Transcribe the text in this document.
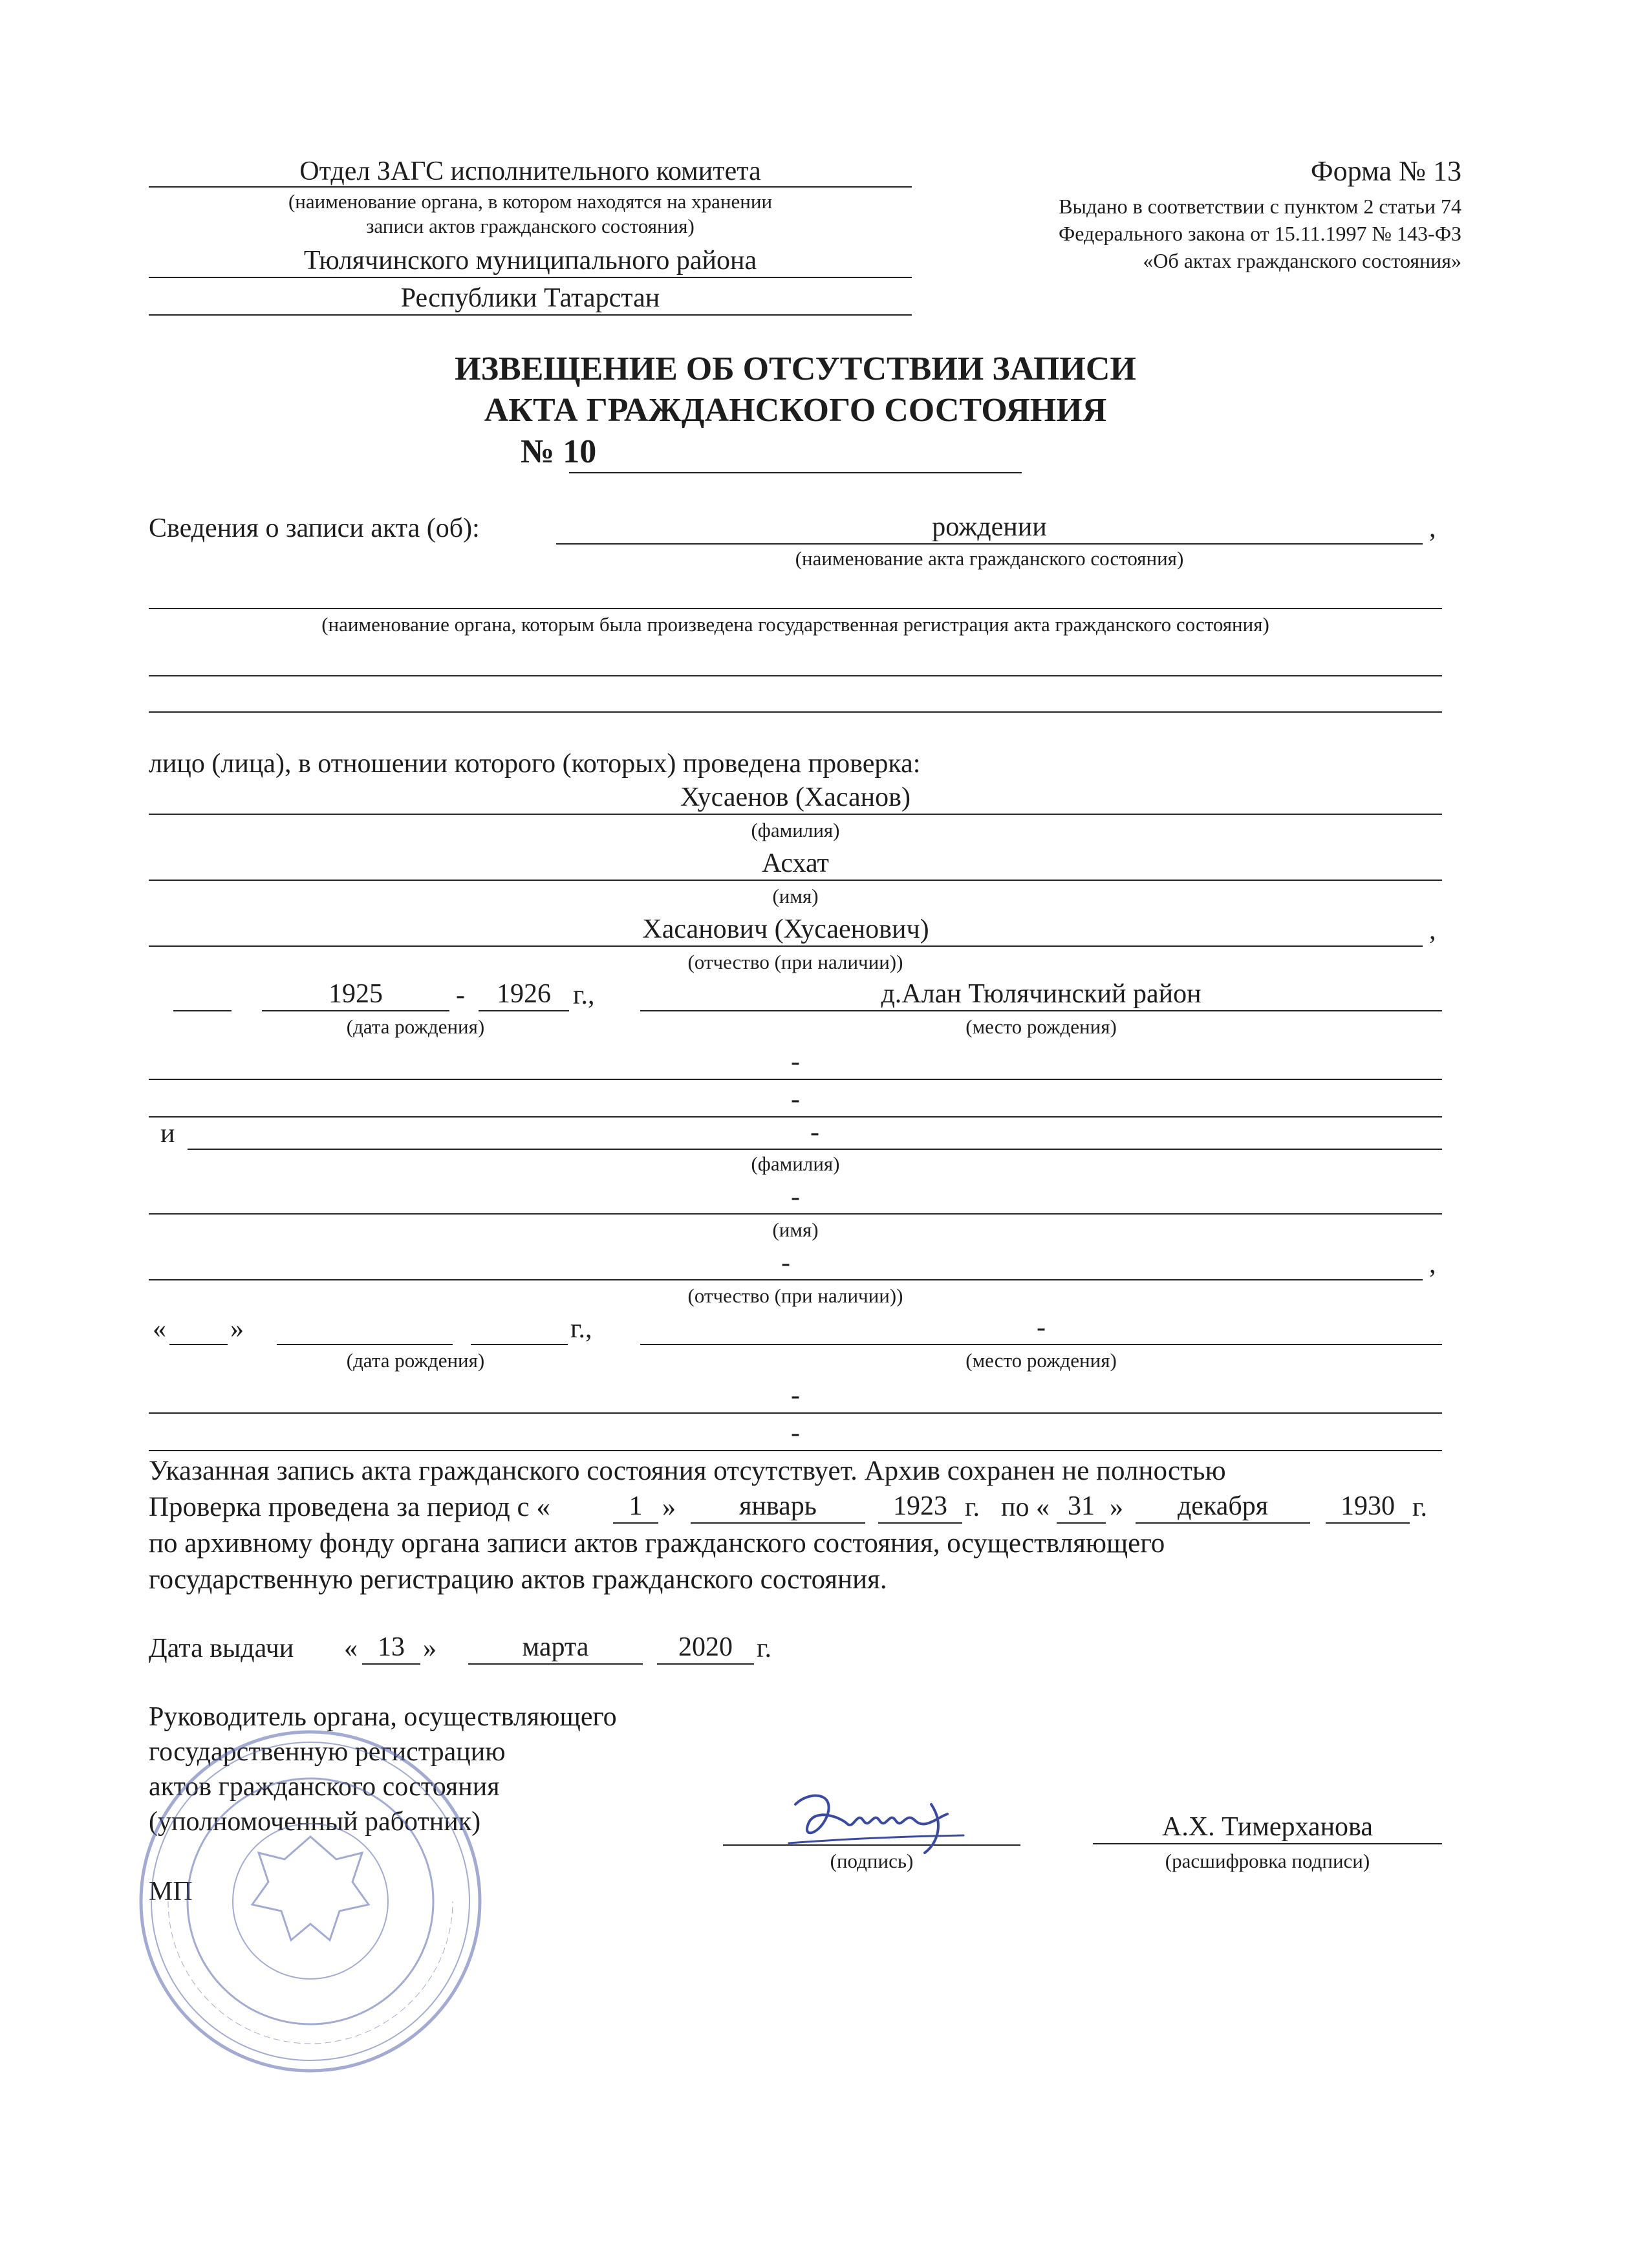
Отдел ЗАГС исполнительного комитета
(наименование органа, в котором находятся на хранении
записи актов гражданского состояния)
Тюлячинского муниципального района
Республики Татарстан
Форма № 13
Выдано в соответствии с пунктом 2 статьи 74
Федерального закона от 15.11.1997 № 143-ФЗ
«Об актах гражданского состояния»
ИЗВЕЩЕНИЕ ОБ ОТСУТСТВИИ ЗАПИСИ
АКТА ГРАЖДАНСКОГО СОСТОЯНИЯ
№ 10
Сведения о записи акта (об):	рождении	,
(наименование акта гражданского состояния)
(наименование органа, которым была произведена государственная регистрация акта гражданского состояния)
лицо (лица), в отношении которого (которых) проведена проверка:
Хусаенов (Хасанов)
(фамилия)
Асхат
(имя)
Хасанович (Хусаенович)	,
(отчество (при наличии))
1925	-	1926 г.,
(дата рождения)
д.Алан Тюлячинский район
(место рождения)
-
-
и	-
(фамилия)
-
(имя)
-	,
(отчество (при наличии))
« »	г.,
(дата рождения)
-
(место рождения)
-
-
Указанная запись акта гражданского состояния отсутствует. Архив сохранен не полностью
Проверка проведена за период с «	1 »	январь	1923 г. по « 31 »	декабря	1930 г.
по архивному фонду органа записи актов гражданского состояния, осуществляющего
государственную регистрацию актов гражданского состояния.
Дата выдачи « 13 »	марта	2020 г.
Руководитель органа, осуществляющего
государственную регистрацию
актов гражданского состояния
(уполномоченный работник)
МП
(подпись)
А.Х. Тимерханова
(расшифровка подписи)
